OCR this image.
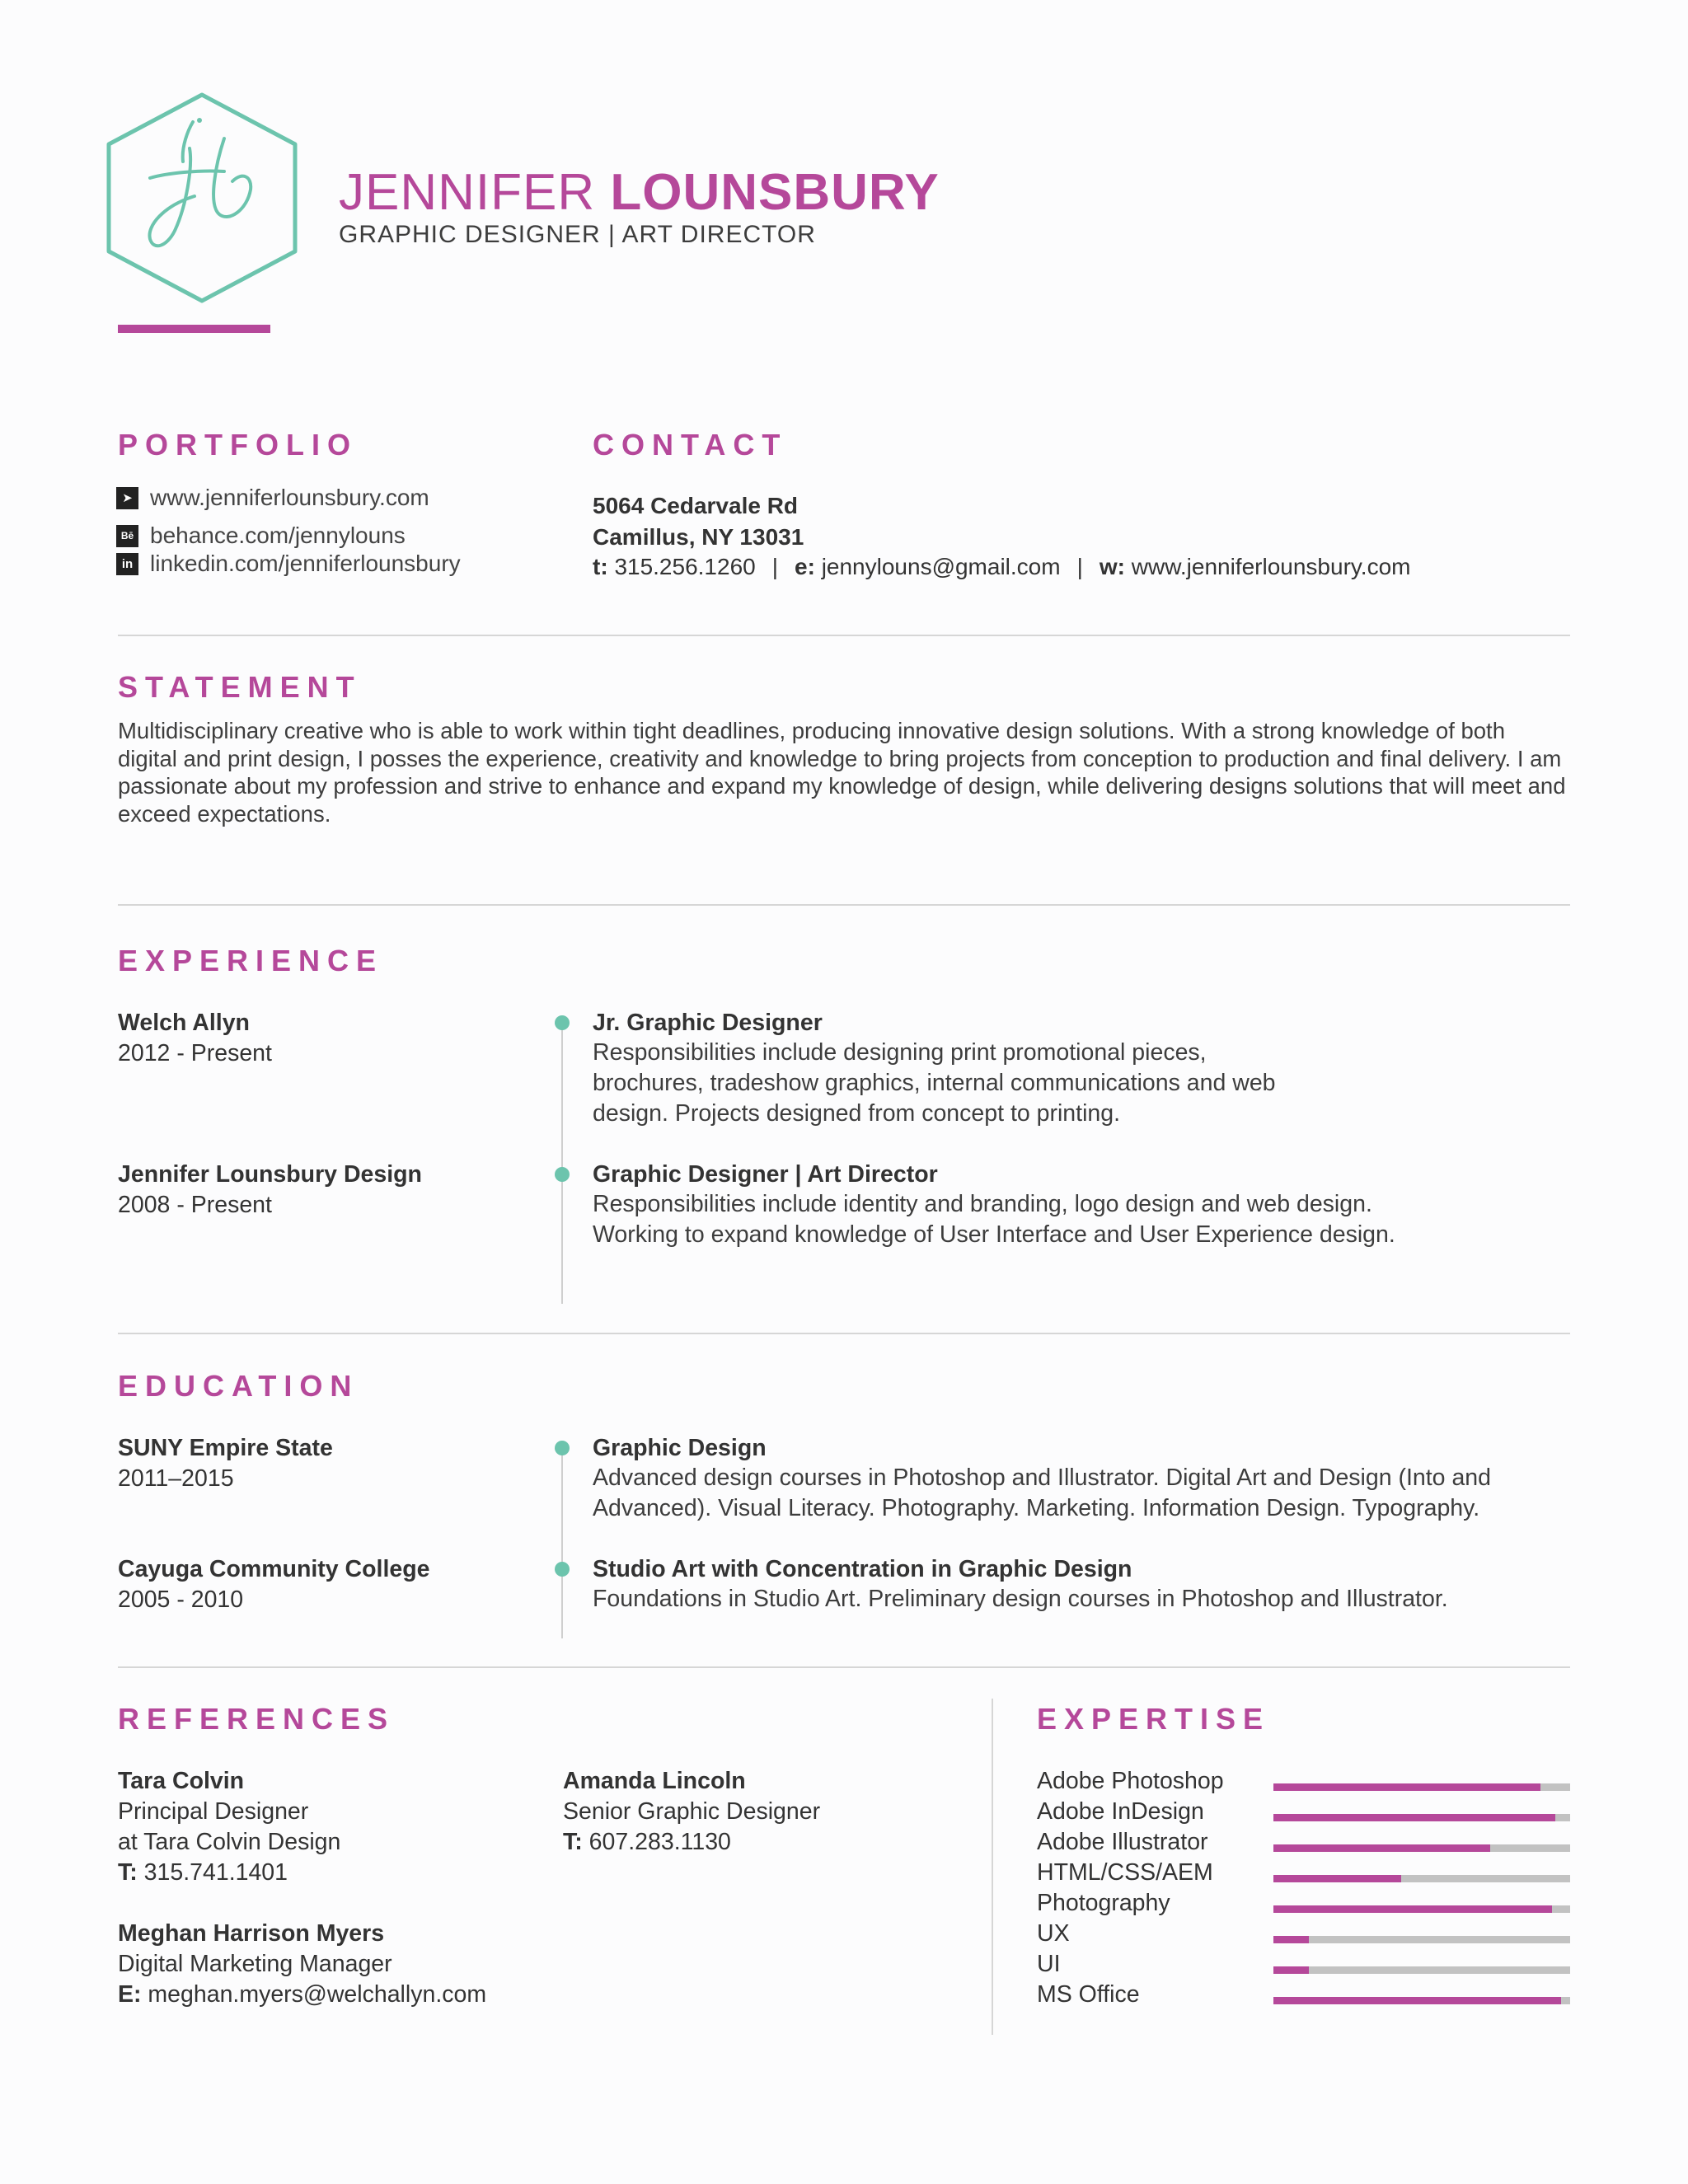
JENNIFER LOUNSBURY
GRAPHIC DESIGNER | ART DIRECTOR
PORTFOLIO
➤ www.jenniferlounsbury.com
Bē behance.com/jennylouns
in linkedin.com/jenniferlounsbury
CONTACT
5064 Cedarvale Rd
Camillus, NY 13031
t: 315.256.1260 | e: jennylouns@gmail.com | w: www.jenniferlounsbury.com
STATEMENT

Multidisciplinary creative who is able to work within tight deadlines, producing innovative design solutions. With a strong knowledge of both digital and print design, I posses the experience, creativity and knowledge to bring projects from conception to production and final delivery. I am passionate about my profession and strive to enhance and expand my knowledge of design, while delivering designs solutions that will meet and exceed expectations.

EXPERIENCE
Welch Allyn
2012 - Present
Jr. Graphic Designer
Responsibilities include designing print promotional pieces,
brochures, tradeshow graphics, internal communications and web
design. Projects designed from concept to printing.
Jennifer Lounsbury Design
2008 - Present
Graphic Designer | Art Director
Responsibilities include identity and branding, logo design and web design.
Working to expand knowledge of User Interface and User Experience design.
EDUCATION
SUNY Empire State
2011–2015
Graphic Design
Advanced design courses in Photoshop and Illustrator. Digital Art and Design (Into and
Advanced). Visual Literacy. Photography. Marketing. Information Design. Typography.
Cayuga Community College
2005 - 2010
Studio Art with Concentration in Graphic Design
Foundations in Studio Art. Preliminary design courses in Photoshop and Illustrator.
REFERENCES
Tara Colvin
Principal Designer
at Tara Colvin Design
T: 315.741.1401
Amanda Lincoln
Senior Graphic Designer
T: 607.283.1130
Meghan Harrison Myers
Digital Marketing Manager
E: meghan.myers@welchallyn.com
EXPERTISE
Adobe Photoshop
Adobe InDesign
Adobe Illustrator
HTML/CSS/AEM
Photography
UX
UI
MS Office
